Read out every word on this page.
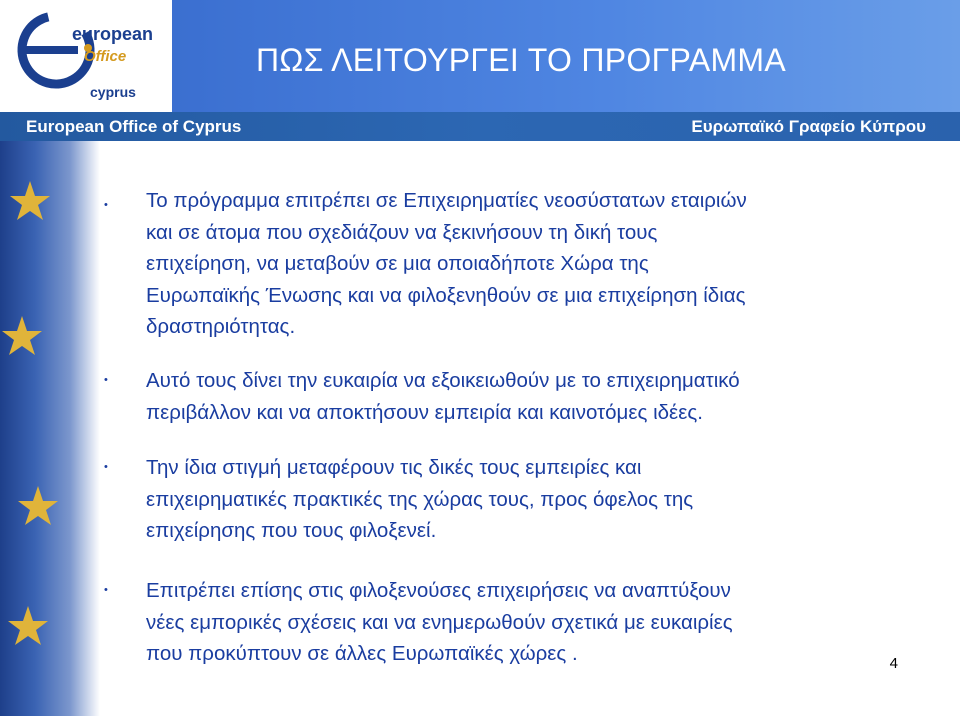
european
Office
cyprus
ΠΩΣ ΛΕΙΤΟΥΡΓΕΙ ΤΟ ΠΡΟΓΡΑΜΜΑ
European Office of Cyprus	Ευρωπαϊκό Γραφείο Κύπρου
• Το πρόγραμμα επιτρέπει σε Επιχειρηματίες νεοσύστατων εταιριών
και σε άτομα που σχεδιάζουν να ξεκινήσουν τη δική τους
επιχείρηση, να μεταβούν σε μια οποιαδήποτε Χώρα της
Ευρωπαϊκής Ένωσης και να φιλοξενηθούν σε μια επιχείρηση ίδιας
δραστηριότητας.

• Αυτό τους δίνει την ευκαιρία να εξοικειωθούν με το επιχειρηματικό
περιβάλλον και να αποκτήσουν εμπειρία και καινοτόμες ιδέες.

• Την ίδια στιγμή μεταφέρουν τις δικές τους εμπειρίες και
επιχειρηματικές πρακτικές της χώρας τους, προς όφελος της
επιχείρησης που τους φιλοξενεί.

• Επιτρέπει επίσης στις φιλοξενούσες επιχειρήσεις να αναπτύξουν
νέες εμπορικές σχέσεις και να ενημερωθούν σχετικά με ευκαιρίες
που προκύπτουν σε άλλες Ευρωπαϊκές χώρες .	4
